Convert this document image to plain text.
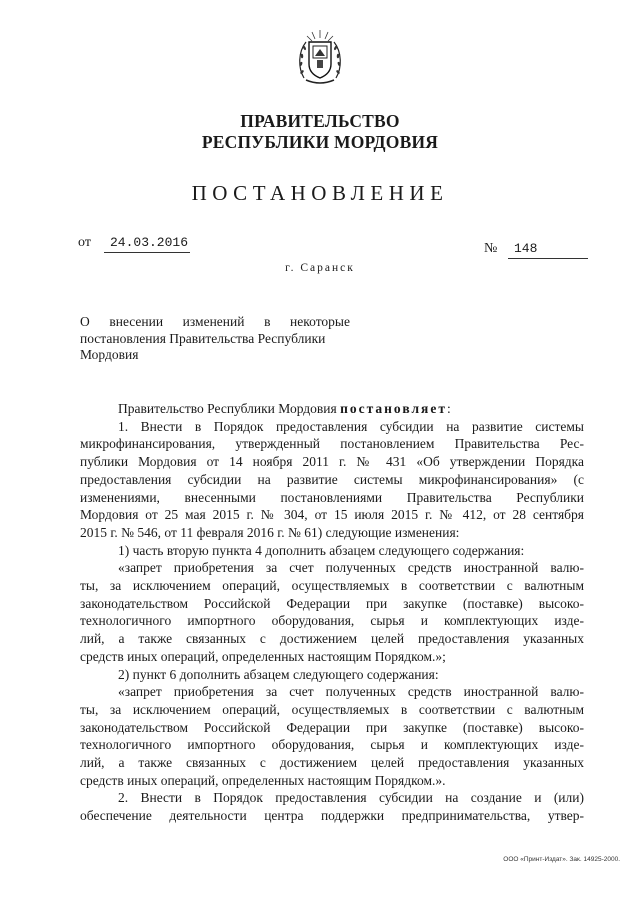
ПРАВИТЕЛЬСТВО
РЕСПУБЛИКИ МОРДОВИЯ
ПОСТАНОВЛЕНИЕ
от	24.03.2016	№	148
г. Саранск
О внесении изменений в некоторые
постановления Правительства Республики
Мордовия
Правительство Республики Мордовия постановляет:
1. Внести в Порядок предоставления субсидии на развитие системы
микрофинансирования, утвержденный постановлением Правительства Рес-
публики Мордовия от 14 ноября 2011 г. № 431 «Об утверждении Порядка
предоставления субсидии на развитие системы микрофинансирования» (с
изменениями, внесенными постановлениями Правительства Республики
Мордовия от 25 мая 2015 г. № 304, от 15 июля 2015 г. № 412, от 28 сентября
2015 г. № 546, от 11 февраля 2016 г. № 61) следующие изменения:
1) часть вторую пункта 4 дополнить абзацем следующего содержания:
«запрет приобретения за счет полученных средств иностранной валю-
ты, за исключением операций, осуществляемых в соответствии с валютным
законодательством Российской Федерации при закупке (поставке) высоко-
технологичного импортного оборудования, сырья и комплектующих изде-
лий, а также связанных с достижением целей предоставления указанных
средств иных операций, определенных настоящим Порядком.»;
2) пункт 6 дополнить абзацем следующего содержания:
«запрет приобретения за счет полученных средств иностранной валю-
ты, за исключением операций, осуществляемых в соответствии с валютным
законодательством Российской Федерации при закупке (поставке) высоко-
технологичного импортного оборудования, сырья и комплектующих изде-
лий, а также связанных с достижением целей предоставления указанных
средств иных операций, определенных настоящим Порядком.».
2. Внести в Порядок предоставления субсидии на создание и (или)
обеспечение деятельности центра поддержки предпринимательства, утвер-
ООО «Принт-Издат». Зак. 14925-2000.
